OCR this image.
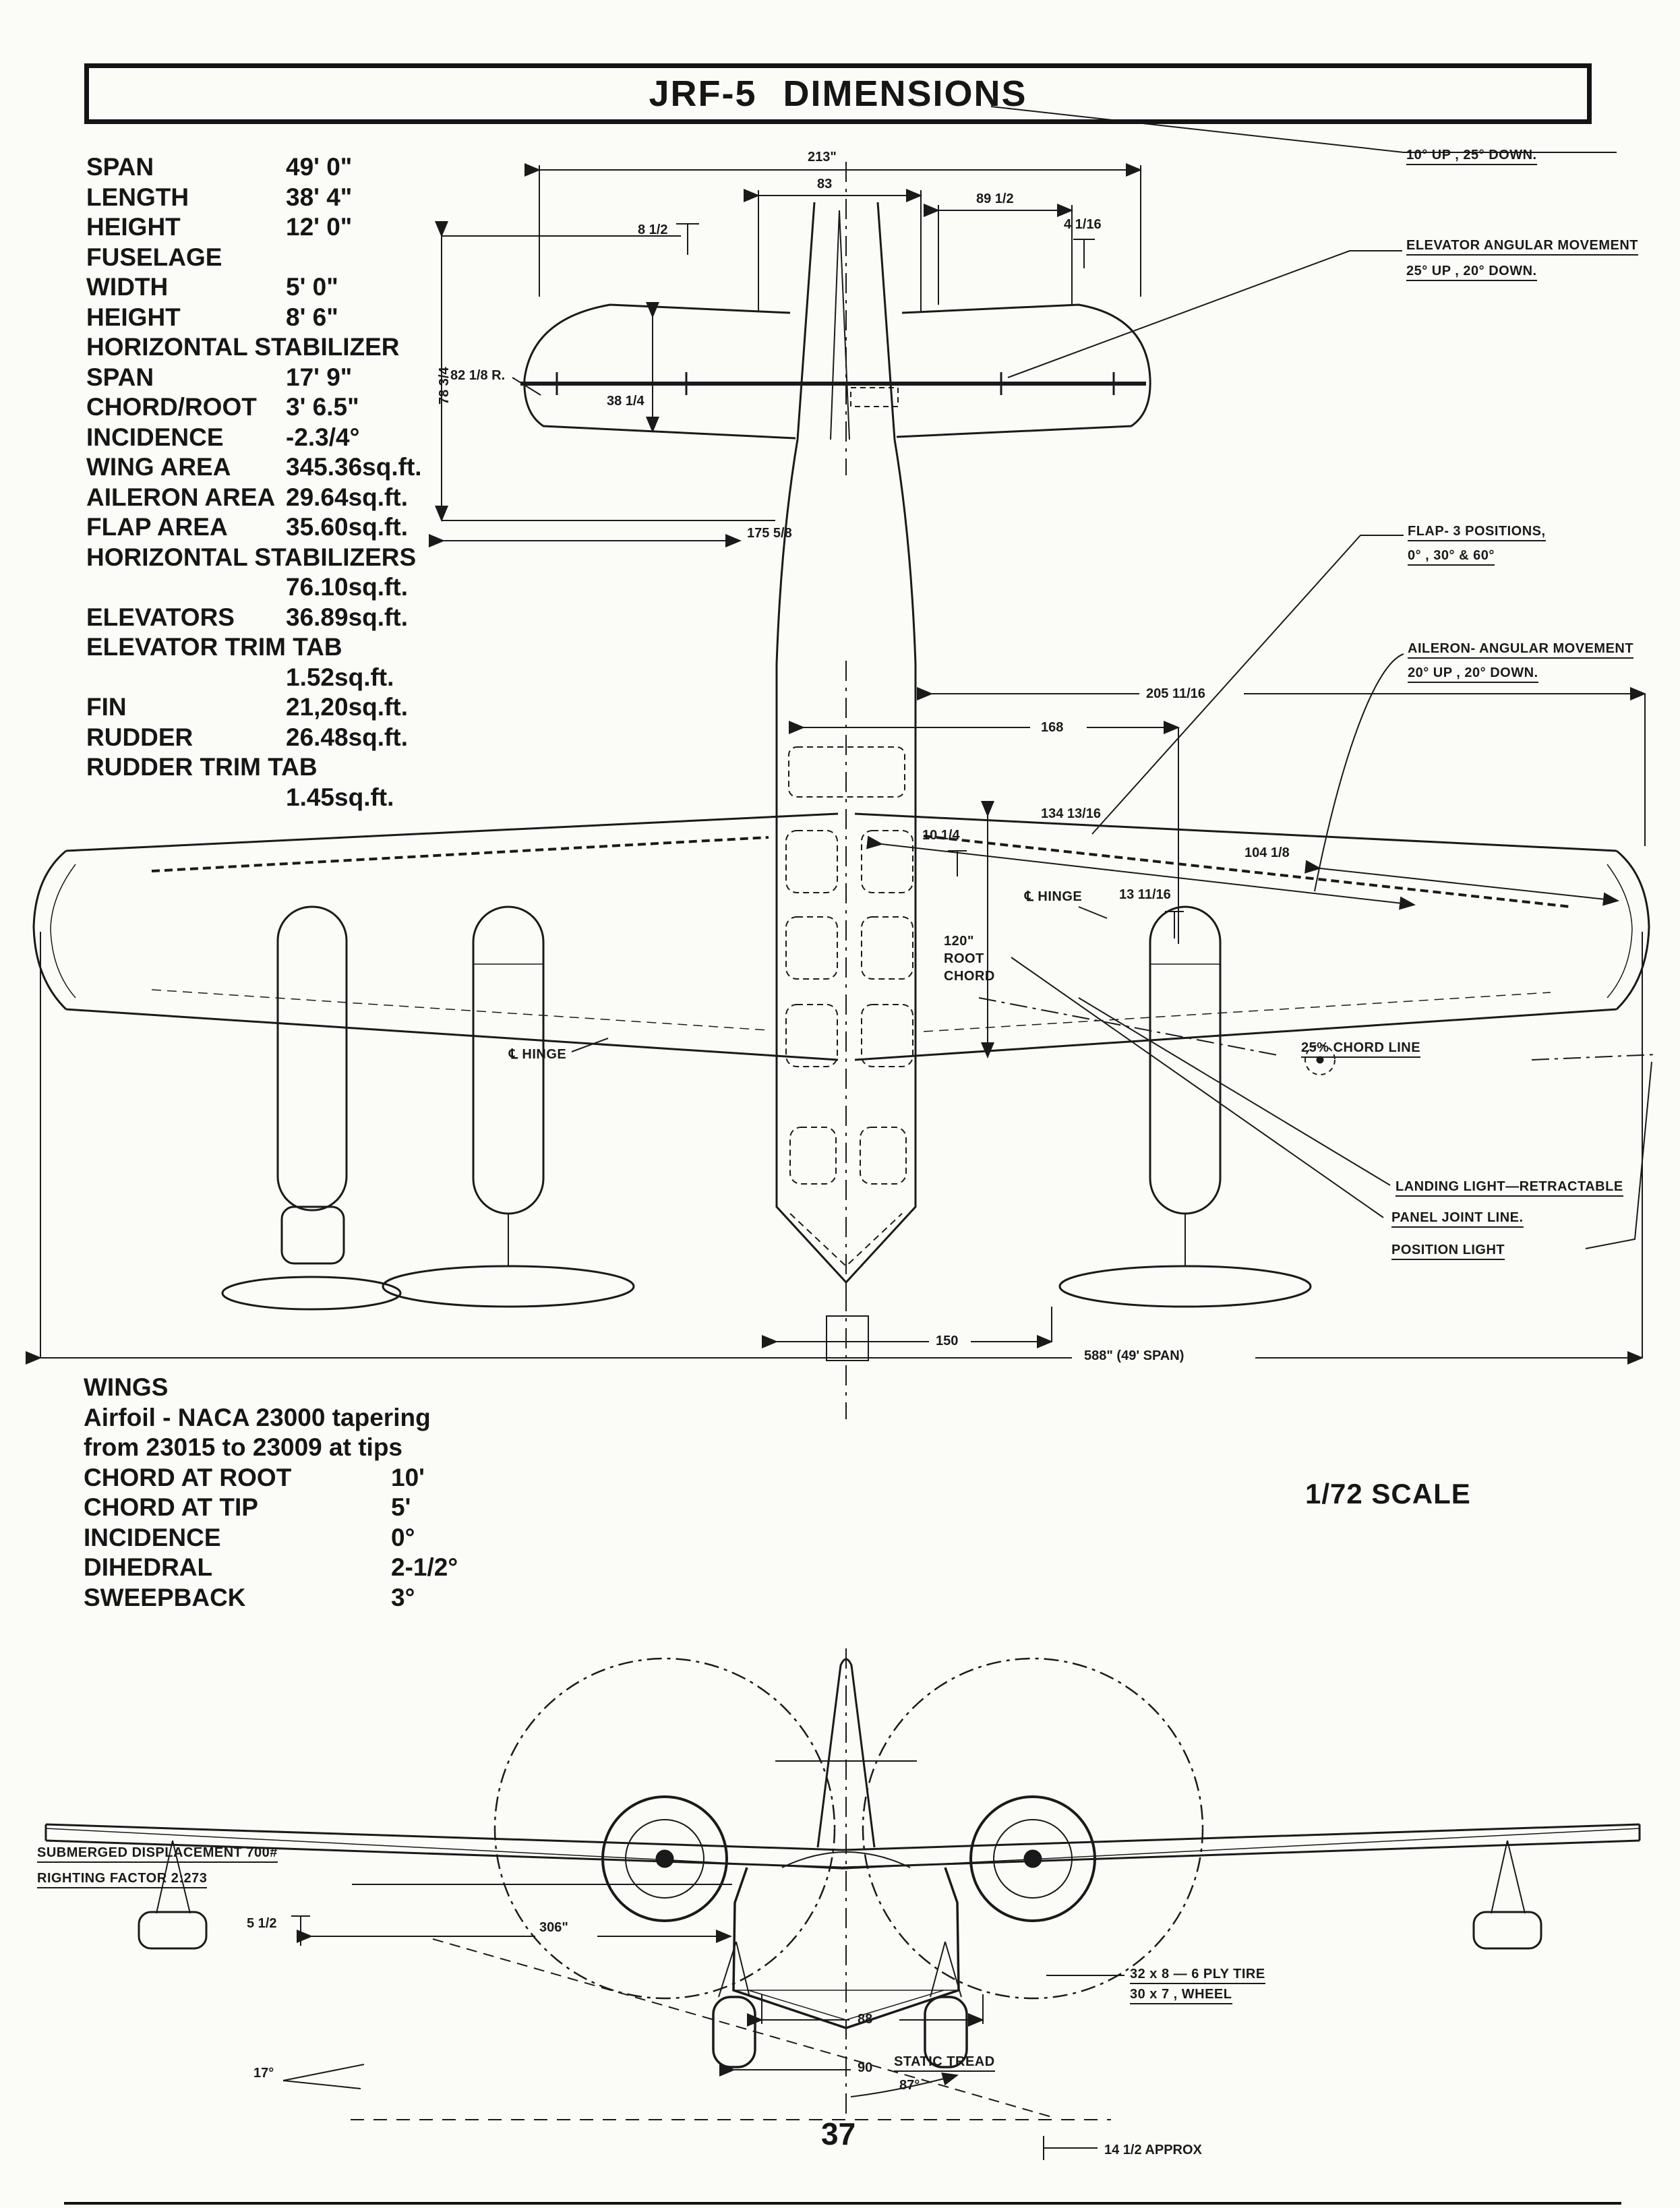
JRF-5 DIMENSIONS
SPAN	49' 0"
LENGTH	38' 4"
HEIGHT	12' 0"
FUSELAGE
WIDTH	5' 0"
HEIGHT	8' 6"
HORIZONTAL STABILIZER
SPAN	17' 9"
CHORD/ROOT 3' 6.5"
INCIDENCE -2.3/4°
WING AREA 345.36sq.ft.
AILERON AREA 29.64sq.ft.
FLAP AREA 35.60sq.ft.
HORIZONTAL STABILIZERS
76.10sq.ft.
ELEVATORS 36.89sq.ft.
ELEVATOR TRIM TAB
1.52sq.ft.
FIN	21,20sq.ft.
RUDDER	26.48sq.ft.
RUDDER TRIM TAB
1.45sq.ft.
WINGS
Airfoil - NACA 23000 tapering
from 23015 to 23009 at tips
CHORD AT ROOT	10'
CHORD AT TIP	5'
INCIDENCE	0°
DIHEDRAL	2-1/2°
SWEEPBACK	3°
10° UP , 25° DOWN.
ELEVATOR ANGULAR MOVEMENT
25° UP , 20° DOWN.
FLAP- 3 POSITIONS,
0° , 30° & 60°
AILERON- ANGULAR MOVEMENT
20° UP , 20° DOWN.
25% CHORD LINE
LANDING LIGHT—RETRACTABLE
PANEL JOINT LINE.
POSITION LIGHT
SUBMERGED DISPLACEMENT 700#
RIGHTING FACTOR 2:273
32 x 8 — 6 PLY TIRE
30 x 7 , WHEEL
STATIC TREAD
℄ HINGE
℄ HINGE
120"
ROOT
CHORD
213"
83
89 1/2
8 1/2	4 1/16
38 1/4
82 1/8 R.
78 3/4
175 5/8
205 11/16
168
134 13/16
104 1/8
10 1/4
13 11/16
150
588" (49' SPAN)
306"
5 1/2
17°
88
90
87°
14 1/2 APPROX
1/72 SCALE
37
